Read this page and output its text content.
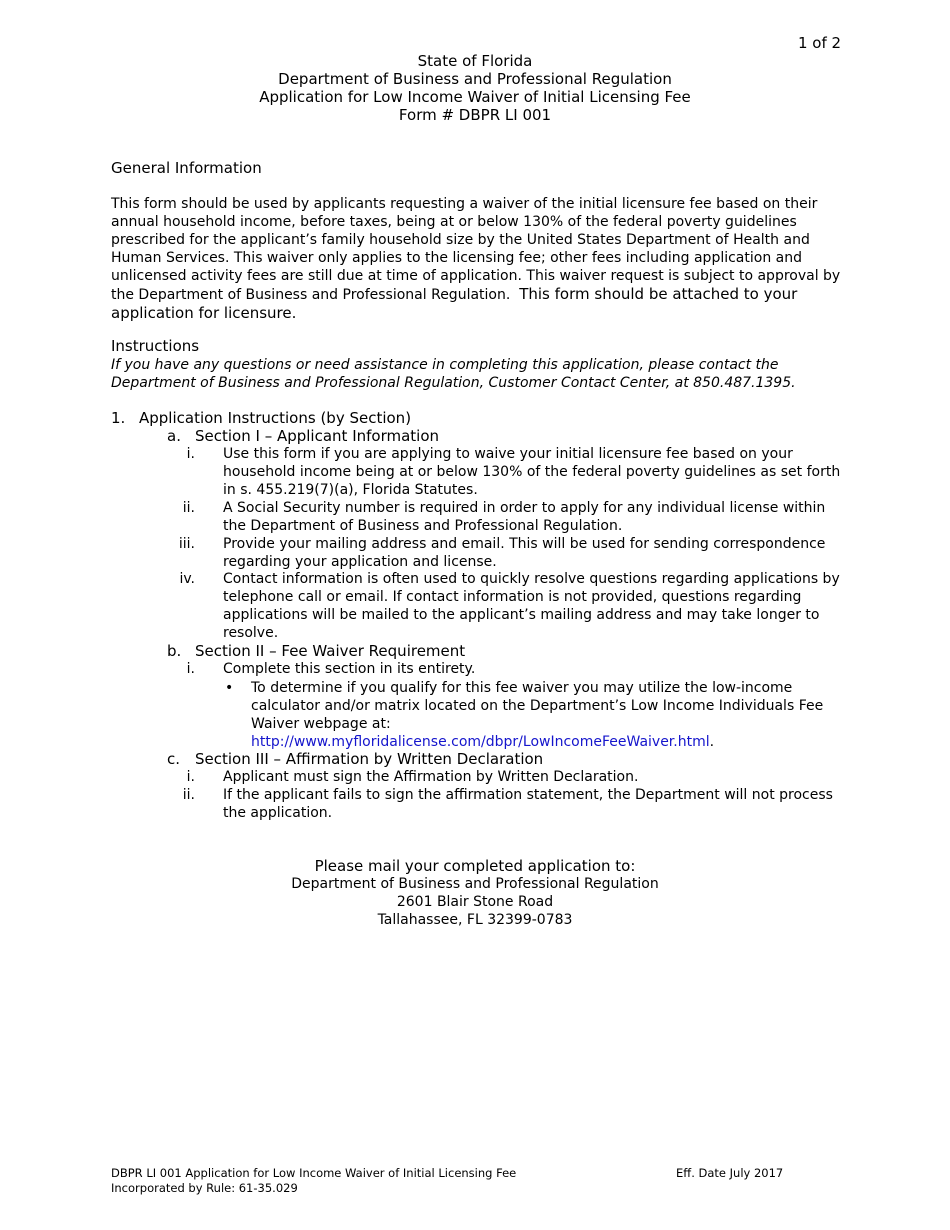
1 of 2
State of Florida
Department of Business and Professional Regulation
Application for Low Income Waiver of Initial Licensing Fee
Form # DBPR LI 001
General Information
This form should be used by applicants requesting a waiver of the initial licensure fee based on their annual household income, before taxes, being at or below 130% of the federal poverty guidelines prescribed for the applicant’s family household size by the United States Department of Health and Human Services. This waiver only applies to the licensing fee; other fees including application and unlicensed activity fees are still due at time of application. This waiver request is subject to approval by the Department of Business and Professional Regulation. This form should be attached to your application for licensure.
Instructions
If you have any questions or need assistance in completing this application, please contact the Department of Business and Professional Regulation, Customer Contact Center, at 850.487.1395.
1. Application Instructions (by Section)
a. Section I – Applicant Information
i. Use this form if you are applying to waive your initial licensure fee based on your household income being at or below 130% of the federal poverty guidelines as set forth in s. 455.219(7)(a), Florida Statutes.
ii. A Social Security number is required in order to apply for any individual license within the Department of Business and Professional Regulation.
iii. Provide your mailing address and email. This will be used for sending correspondence regarding your application and license.
iv. Contact information is often used to quickly resolve questions regarding applications by telephone call or email. If contact information is not provided, questions regarding applications will be mailed to the applicant’s mailing address and may take longer to resolve.
b. Section II – Fee Waiver Requirement
i. Complete this section in its entirety.
• To determine if you qualify for this fee waiver you may utilize the low-income calculator and/or matrix located on the Department’s Low Income Individuals Fee Waiver webpage at:
http://www.myfloridalicense.com/dbpr/LowIncomeFeeWaiver.html.
c. Section III – Affirmation by Written Declaration
i. Applicant must sign the Affirmation by Written Declaration.
ii. If the applicant fails to sign the affirmation statement, the Department will not process the application.
Please mail your completed application to:
Department of Business and Professional Regulation
2601 Blair Stone Road
Tallahassee, FL 32399-0783
DBPR LI 001 Application for Low Income Waiver of Initial Licensing Fee
Incorporated by Rule: 61-35.029
Eff. Date July 2017
